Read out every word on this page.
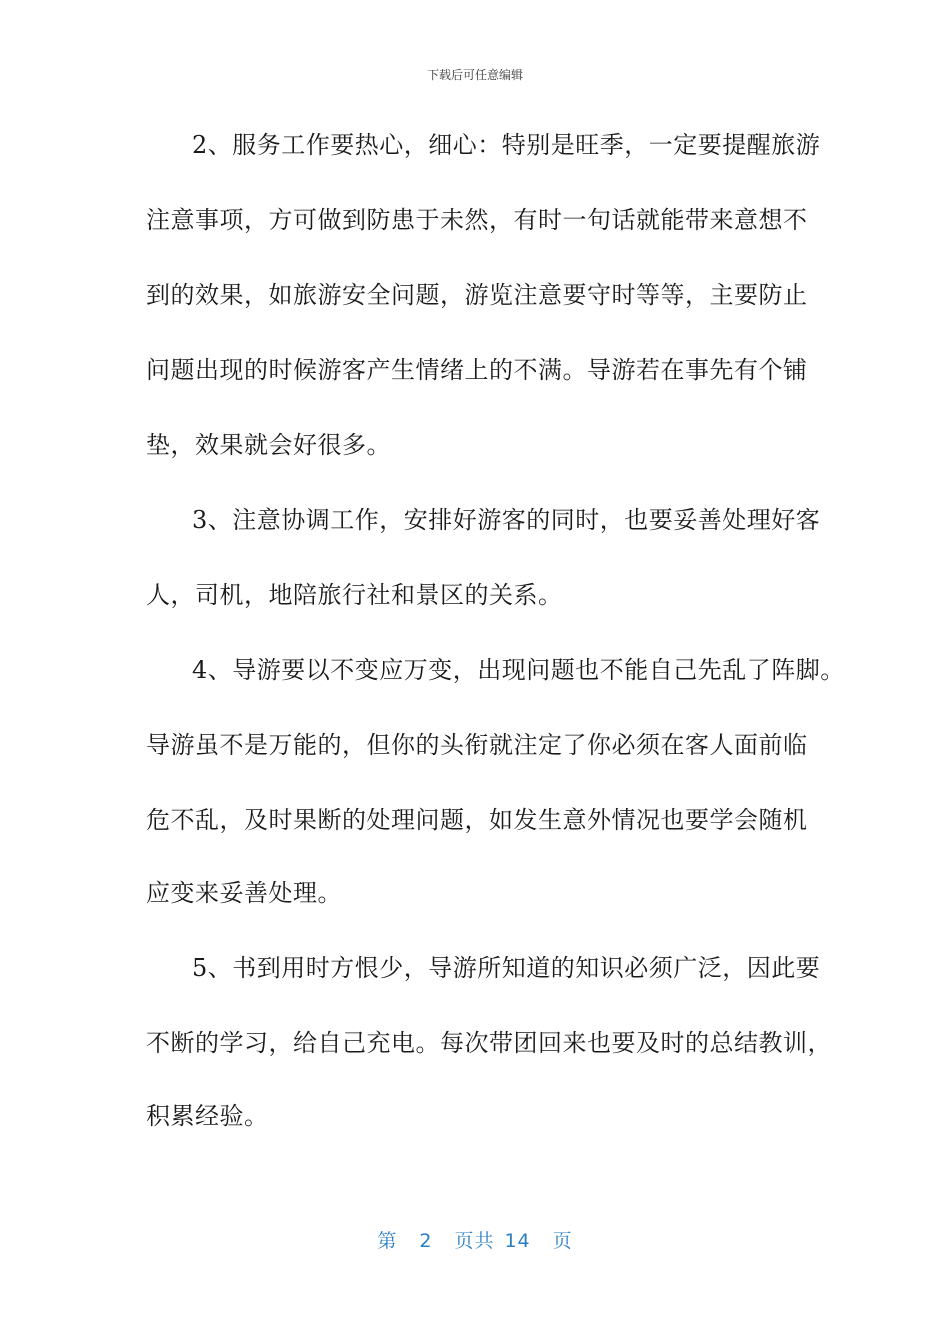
下载后可任意编辑
2、服务工作要热心，细心：特别是旺季，一定要提醒旅游
注意事项，方可做到防患于未然，有时一句话就能带来意想不
到的效果，如旅游安全问题，游览注意要守时等等，主要防止
问题出现的时候游客产生情绪上的不满。导游若在事先有个铺
垫，效果就会好很多。
3、注意协调工作，安排好游客的同时，也要妥善处理好客
人，司机，地陪旅行社和景区的关系。
4、导游要以不变应万变，出现问题也不能自己先乱了阵脚。
导游虽不是万能的，但你的头衔就注定了你必须在客人面前临
危不乱，及时果断的处理问题，如发生意外情况也要学会随机
应变来妥善处理。
5、书到用时方恨少，导游所知道的知识必须广泛，因此要
不断的学习，给自己充电。每次带团回来也要及时的总结教训，
积累经验。
第 2 页共 14 页
